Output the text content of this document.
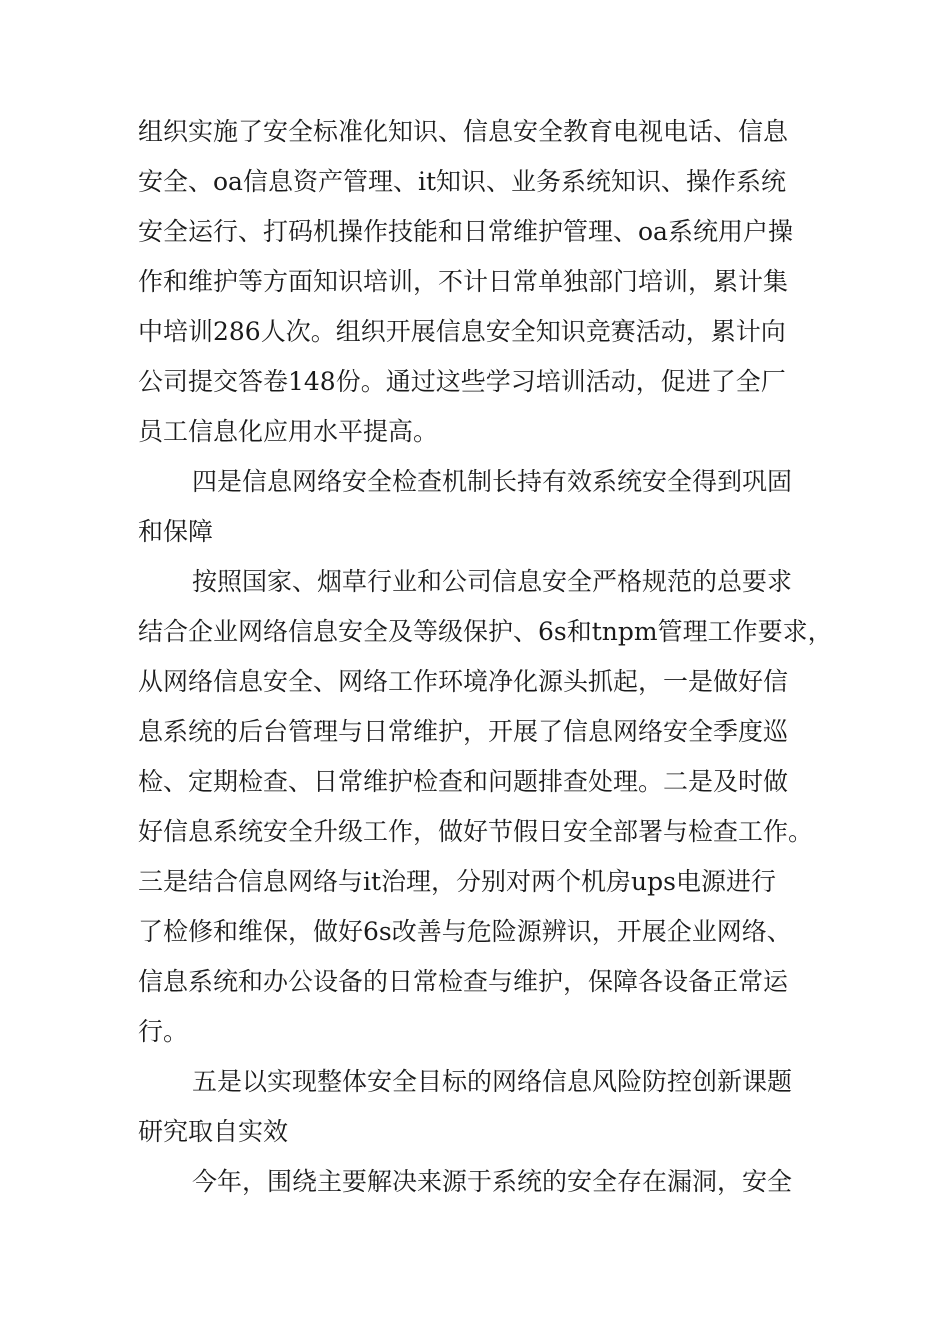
组织实施了安全标准化知识、信息安全教育电视电话、信息
安全、oa信息资产管理、it知识、业务系统知识、操作系统
安全运行、打码机操作技能和日常维护管理、oa系统用户操
作和维护等方面知识培训，不计日常单独部门培训，累计集
中培训286人次。组织开展信息安全知识竞赛活动，累计向
公司提交答卷148份。通过这些学习培训活动，促进了全厂
员工信息化应用水平提高。
四是信息网络安全检查机制长持有效系统安全得到巩固
和保障
按照国家、烟草行业和公司信息安全严格规范的总要求
结合企业网络信息安全及等级保护、6s和tnpm管理工作要求，
从网络信息安全、网络工作环境净化源头抓起，一是做好信
息系统的后台管理与日常维护，开展了信息网络安全季度巡
检、定期检查、日常维护检查和问题排查处理。二是及时做
好信息系统安全升级工作，做好节假日安全部署与检查工作。
三是结合信息网络与it治理，分别对两个机房ups电源进行
了检修和维保，做好6s改善与危险源辨识，开展企业网络、
信息系统和办公设备的日常检查与维护，保障各设备正常运
行。
五是以实现整体安全目标的网络信息风险防控创新课题
研究取自实效
今年，围绕主要解决来源于系统的安全存在漏洞，安全
